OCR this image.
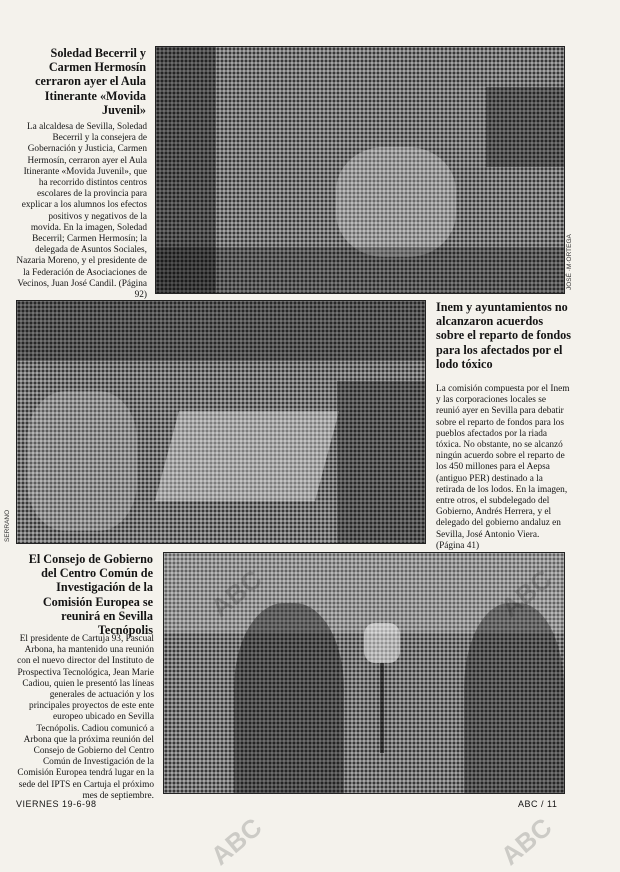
Soledad Becerril y Carmen Hermosín cerraron ayer el Aula Itinerante «Movida Juvenil»

La alcaldesa de Sevilla, Soledad Becerril y la consejera de Gobernación y Justicia, Carmen Hermosín, cerraron ayer el Aula Itinerante «Movida Juvenil», que ha recorrido distintos centros escolares de la provincia para explicar a los alumnos los efectos positivos y negativos de la movida. En la imagen, Soledad Becerril; Carmen Hermosín; la delegada de Asuntos Sociales, Nazaria Moreno, y el presidente de la Federación de Asociaciones de Vecinos, Juan José Candil. (Página 92)

JOSÉ ·M·ORTEGA
SERRANO

Inem y ayuntamientos no alcanzaron acuerdos sobre el reparto de fondos para los afectados por el lodo tóxico

La comisión compuesta por el Inem y las corporaciones locales se reunió ayer en Sevilla para debatir sobre el reparto de fondos para los pueblos afectados por la riada tóxica. No obstante, no se alcanzó ningún acuerdo sobre el reparto de los 450 millones para el Aepsa (antiguo PER) destinado a la retirada de los lodos. En la imagen, entre otros, el subdelegado del Gobierno, Andrés Herrera, y el delegado del gobierno andaluz en Sevilla, José Antonio Viera. (Página 41)

El Consejo de Gobierno del Centro Común de Investigación de la Comisión Europea se reunirá en Sevilla Tecnópolis

El presidente de Cartuja 93, Pascual Arbona, ha mantenido una reunión con el nuevo director del Instituto de Prospectiva Tecnológica, Jean Marie Cadiou, quien le presentó las líneas generales de actuación y los principales proyectos de este ente europeo ubicado en Sevilla Tecnópolis. Cadiou comunicó a Arbona que la próxima reunión del Consejo de Gobierno del Centro Común de Investigación de la Comisión Europea tendrá lugar en la sede del IPTS en Cartuja el próximo mes de septiembre.

VIERNES 19-6-98	ABC / 11
ABC	ABC
ABC	ABC
